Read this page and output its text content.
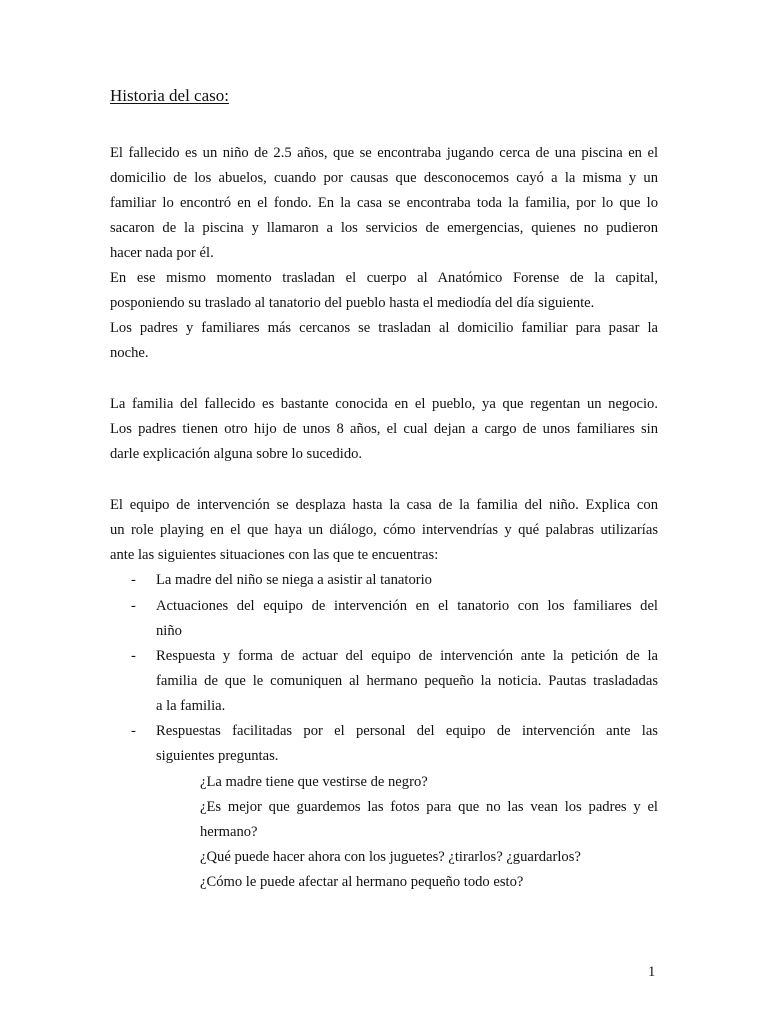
Historia del caso:
El fallecido es un niño de 2.5 años, que se encontraba jugando cerca de una piscina en el
domicilio de los abuelos, cuando por causas que desconocemos cayó a la misma y un
familiar lo encontró en el fondo. En la casa se encontraba toda la familia, por lo que lo
sacaron de la piscina y llamaron a los servicios de emergencias, quienes no pudieron
hacer nada por él.
En ese mismo momento trasladan el cuerpo al Anatómico Forense de la capital,
posponiendo su traslado al tanatorio del pueblo hasta el mediodía del día siguiente.
Los padres y familiares más cercanos se trasladan al domicilio familiar para pasar la
noche.
La familia del fallecido es bastante conocida en el pueblo, ya que regentan un negocio.
Los padres tienen otro hijo de unos 8 años, el cual dejan a cargo de unos familiares sin
darle explicación alguna sobre lo sucedido.
El equipo de intervención se desplaza hasta la casa de la familia del niño. Explica con
un role playing en el que haya un diálogo, cómo intervendrías y qué palabras utilizarías
ante las siguientes situaciones con las que te encuentras:
- La madre del niño se niega a asistir al tanatorio
- Actuaciones del equipo de intervención en el tanatorio con los familiares del
niño
- Respuesta y forma de actuar del equipo de intervención ante la petición de la
familia de que le comuniquen al hermano pequeño la noticia. Pautas trasladadas
a la familia.
- Respuestas facilitadas por el personal del equipo de intervención ante las
siguientes preguntas.
¿La madre tiene que vestirse de negro?
¿Es mejor que guardemos las fotos para que no las vean los padres y el
hermano?
¿Qué puede hacer ahora con los juguetes? ¿tirarlos? ¿guardarlos?
¿Cómo le puede afectar al hermano pequeño todo esto?
1
